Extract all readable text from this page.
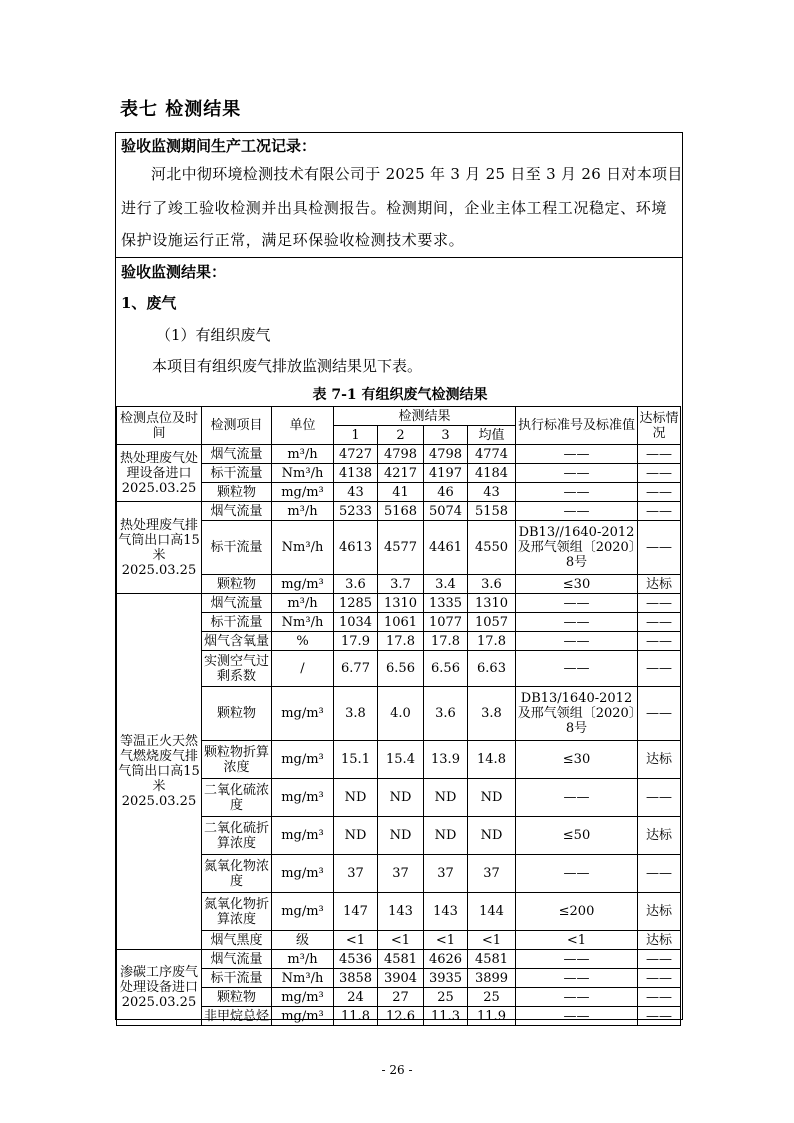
表七 检测结果
验收监测期间生产工况记录：
河北中彻环境检测技术有限公司于 2025 年 3 月 25 日至 3 月 26 日对本项目
进行了竣工验收检测并出具检测报告。检测期间，企业主体工程工况稳定、环境
保护设施运行正常，满足环保验收检测技术要求。
验收监测结果：
1、废气
（1）有组织废气
本项目有组织废气排放监测结果见下表。
表 7-1 有组织废气检测结果
检测点位及时间	检测项目	单位	检测结果				执行标准号及标准值	达标情况
			1	2	3	均值		
热处理废气处理设备进口2025.03.25	烟气流量	m³/h	4727	4798	4798	4774	——	——
	标干流量	Nm³/h	4138	4217	4197	4184	——	——
	颗粒物	mg/m³	43	41	46	43	——	——
热处理废气排气筒出口高15米2025.03.25	烟气流量	m³/h	5233	5168	5074	5158	——	——
	标干流量	Nm³/h	4613	4577	4461	4550	DB13//1640-2012及邢气领组〔2020〕8号	——
	颗粒物	mg/m³	3.6	3.7	3.4	3.6	≤30	达标
等温正火天然气燃烧废气排气筒出口高15米2025.03.25	烟气流量	m³/h	1285	1310	1335	1310	——	——
	标干流量	Nm³/h	1034	1061	1077	1057	——	——
	烟气含氧量	%	17.9	17.8	17.8	17.8	——	——
	实测空气过剩系数	/	6.77	6.56	6.56	6.63	——	——
	颗粒物	mg/m³	3.8	4.0	3.6	3.8	DB13/1640-2012及邢气领组〔2020〕8号	——
	颗粒物折算浓度	mg/m³	15.1	15.4	13.9	14.8	≤30	达标
	二氧化硫浓度	mg/m³	ND	ND	ND	ND	——	——
	二氧化硫折算浓度	mg/m³	ND	ND	ND	ND	≤50	达标
	氮氧化物浓度	mg/m³	37	37	37	37	——	——
	氮氧化物折算浓度	mg/m³	147	143	143	144	≤200	达标
	烟气黑度	级	<1	<1	<1	<1	<1	达标
渗碳工序废气处理设备进口2025.03.25	烟气流量	m³/h	4536	4581	4626	4581	——	——
	标干流量	Nm³/h	3858	3904	3935	3899	——	——
	颗粒物	mg/m³	24	27	25	25	——	——
	非甲烷总烃	mg/m³	11.8	12.6	11.3	11.9	——	——
- 26 -
